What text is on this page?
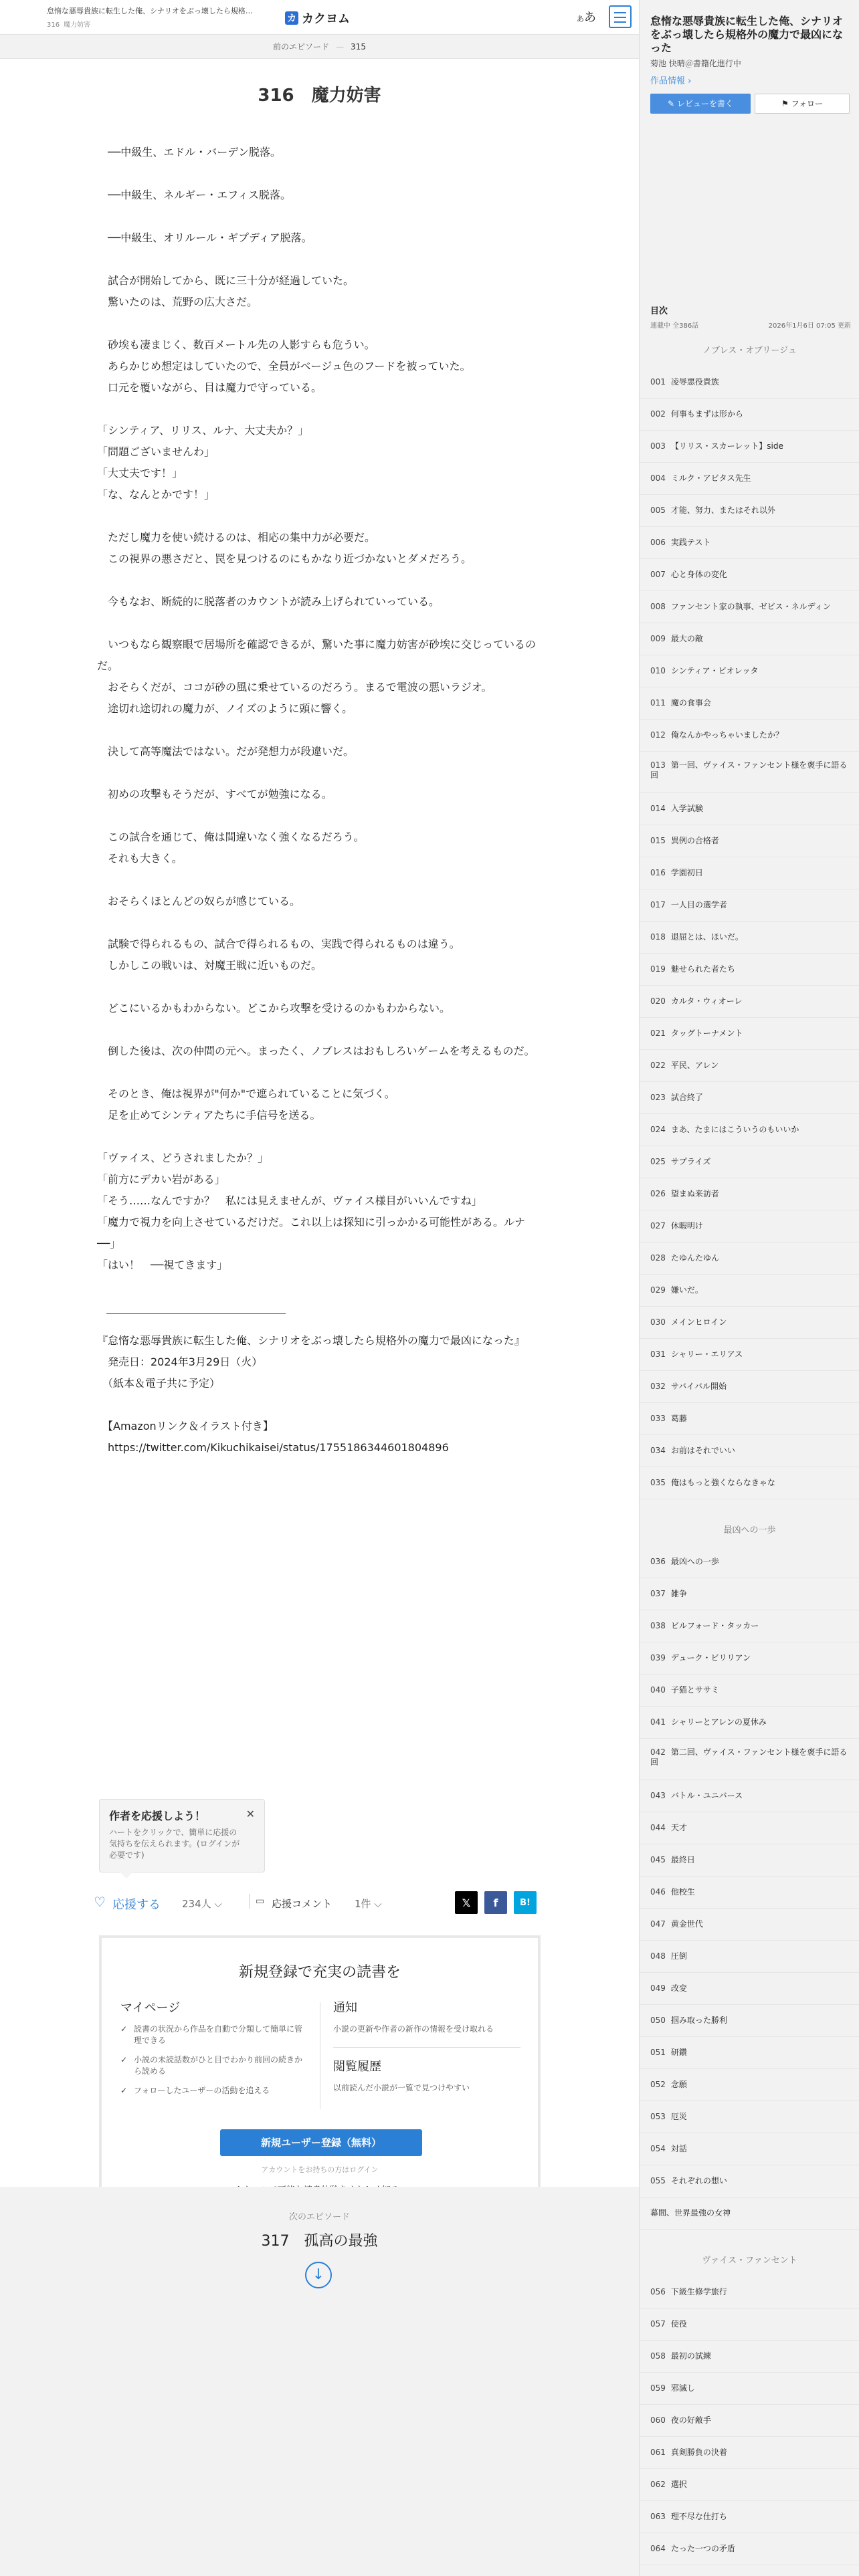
怠惰な悪辱貴族に転生した俺、シナリオをぶっ壊したら規格…
316 魔力妨害
カ カクヨム	ああ
前のエピソード — 315
316　魔力妨害

　──中級生、エドル・バーデン脱落。

　──中級生、ネルギー・エフィス脱落。

　──中級生、オリルール・ギプディア脱落。

　試合が開始してから、既に三十分が経過していた。

　驚いたのは、荒野の広大さだ。

　砂埃も凄まじく、数百メートル先の人影すらも危うい。

　あらかじめ想定はしていたので、全員がベージュ色のフードを被っていた。

　口元を覆いながら、目は魔力で守っている。

「シンティア、リリス、ルナ、大丈夫か？」

「問題ございませんわ」

「大丈夫です！」

「な、なんとかです！」

　ただし魔力を使い続けるのは、相応の集中力が必要だ。

　この視界の悪さだと、罠を見つけるのにもかなり近づかないとダメだろう。

　今もなお、断続的に脱落者のカウントが読み上げられていっている。

　いつもなら観察眼で居場所を確認できるが、驚いた事に魔力妨害が砂埃に交じっているのだ。

　おそらくだが、ココが砂の風に乗せているのだろう。まるで電波の悪いラジオ。

　途切れ途切れの魔力が、ノイズのように頭に響く。

　決して高等魔法ではない。だが発想力が段違いだ。

　初めの攻撃もそうだが、すべてが勉強になる。

　この試合を通じて、俺は間違いなく強くなるだろう。

　それも大きく。

　おそらくほとんどの奴らが感じている。

　試験で得られるもの、試合で得られるもの、実践で得られるものは違う。

　しかしこの戦いは、対魔王戦に近いものだ。

　どこにいるかもわからない。どこから攻撃を受けるのかもわからない。

　倒した後は、次の仲間の元へ。まったく、ノブレスはおもしろいゲームを考えるものだ。

　そのとき、俺は視界が"何か"で遮られていることに気づく。

　足を止めてシンティアたちに手信号を送る。

「ヴァイス、どうされましたか？」

「前方にデカい岩がある」

「そう……なんですか？　私には見えませんが、ヴァイス様目がいいんですね」

「魔力で視力を向上させているだけだ。これ以上は探知に引っかかる可能性がある。ルナ──」

「はい！　──視てきます」

『怠惰な悪辱貴族に転生した俺、シナリオをぶっ壊したら規格外の魔力で最凶になった』

　発売日：2024年3月29日（火）

　（紙本＆電子共に予定）

　【Amazonリンク＆イラスト付き】

　https://twitter.com/Kikuchikaisei/status/1755186344601804896

作者を応援しよう！
ハートをクリックで、簡単に応援の気持ちを伝えられます。(ログインが必要です)
✕
♡ 応援する 234人 ⌵	▭ 応援コメント 1件 ⌵	𝕏	f	B!
新規登録で充実の読書を
マイページ
✓ 読書の状況から作品を自動で分類して簡単に管理できる
✓ 小説の未読話数がひと目でわかり前回の続きから読める
✓ フォローしたユーザーの活動を追える
通知
小説の更新や作者の新作の情報を受け取れる
閲覧履歴
以前読んだ小説が一覧で見つけやすい
新規ユーザー登録（無料）
アカウントをお持ちの方はログイン
次のエピソード
317　孤高の最強
↓
怠惰な悪辱貴族に転生した俺、シナリオをぶっ壊したら規格外の魔力で最凶になった
菊池 快晴＠書籍化進行中
作品情報 ›
✎ レビューを書く	⚑ フォロー
目次
連載中 全386話	2026年1月6日 07:05 更新
ノブレス・オブリージュ
001 凌辱悪役貴族
002 何事もまずは形から
003 【リリス・スカーレット】side
004 ミルク・アビタス先生
005 才能、努力、またはそれ以外
006 実践テスト
007 心と身体の変化
008 ファンセント家の執事、ゼビス・ネルディン
009 最大の敵
010 シンティア・ビオレッタ
011 魔の食事会
012 俺なんかやっちゃいましたか？
013 第一回、ヴァイス・ファンセント様を褒手に語る回
014 入学試験
015 異例の合格者
016 学園初日
017 一人目の選学者
018 退屈とは、ほいだ。
019 魅せられた者たち
020 カルタ・ウィオーレ
021 タッグトーナメント
022 平民、アレン
023 試合終了
024 まあ、たまにはこういうのもいいか
025 サプライズ
026 望まぬ来訪者
027 休暇明け
028 たゆんたゆん
029 嫌いだ。
030 メインヒロイン
031 シャリー・エリアス
032 サバイバル開始
033 葛藤
034 お前はそれでいい
035 俺はもっと強くならなきゃな
最凶への一歩
036 最凶への一歩
037 雑争
038 ビルフォード・タッカー
039 デューク・ビリリアン
040 子猫とササミ
041 シャリーとアレンの夏休み
042 第二回、ヴァイス・ファンセント様を褒手に語る回
043 バトル・ユニバース
044 天才
045 最終日
046 他校生
047 黄金世代
048 圧倒
049 改変
050 掴み取った勝利
051 研鑽
052 念願
053 厄災
054 対話
055 それぞれの想い
幕間、世界最強の女神
ヴァイス・ファンセント
056 下級生修学旅行
057 使役
058 最初の試練
059 邪滅し
060 夜の好敵手
061 真剣勝負の決着
062 選択
063 理不尽な仕打ち
064 たった一つの矛盾
